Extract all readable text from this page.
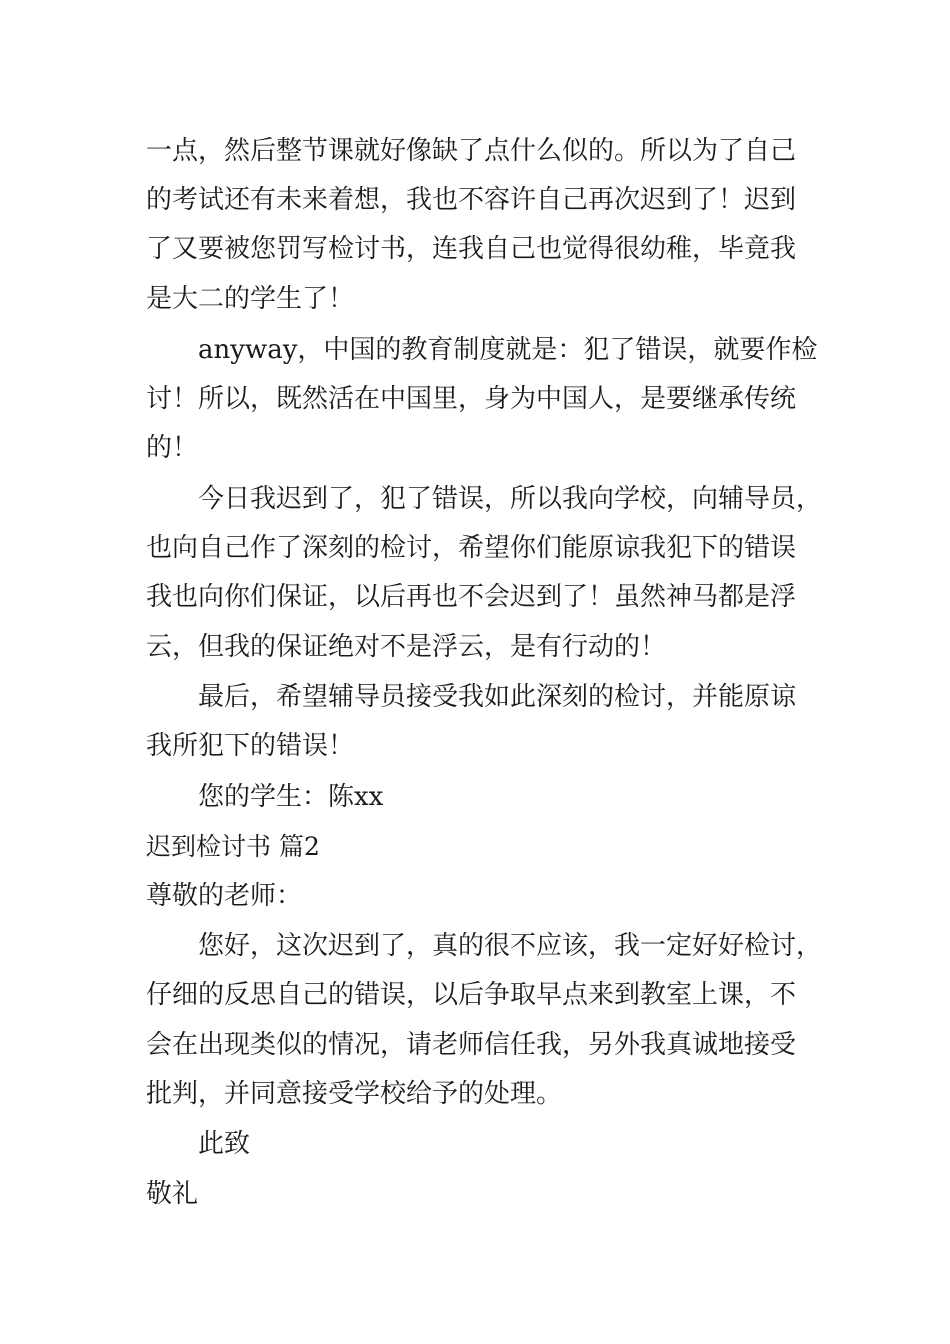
一点，然后整节课就好像缺了点什么似的。所以为了自己
的考试还有未来着想，我也不容许自己再次迟到了！迟到
了又要被您罚写检讨书，连我自己也觉得很幼稚，毕竟我
是大二的学生了！
anyway，中国的教育制度就是：犯了错误，就要作检
讨！所以，既然活在中国里，身为中国人，是要继承传统
的！
今日我迟到了，犯了错误，所以我向学校，向辅导员，
也向自己作了深刻的检讨，希望你们能原谅我犯下的错误
我也向你们保证，以后再也不会迟到了！虽然神马都是浮
云，但我的保证绝对不是浮云，是有行动的！
最后，希望辅导员接受我如此深刻的检讨，并能原谅
我所犯下的错误！
您的学生：陈xx
迟到检讨书 篇2
尊敬的老师：
您好，这次迟到了，真的很不应该，我一定好好检讨，
仔细的反思自己的错误，以后争取早点来到教室上课，不
会在出现类似的情况，请老师信任我，另外我真诚地接受
批判，并同意接受学校给予的处理。
此致
敬礼
